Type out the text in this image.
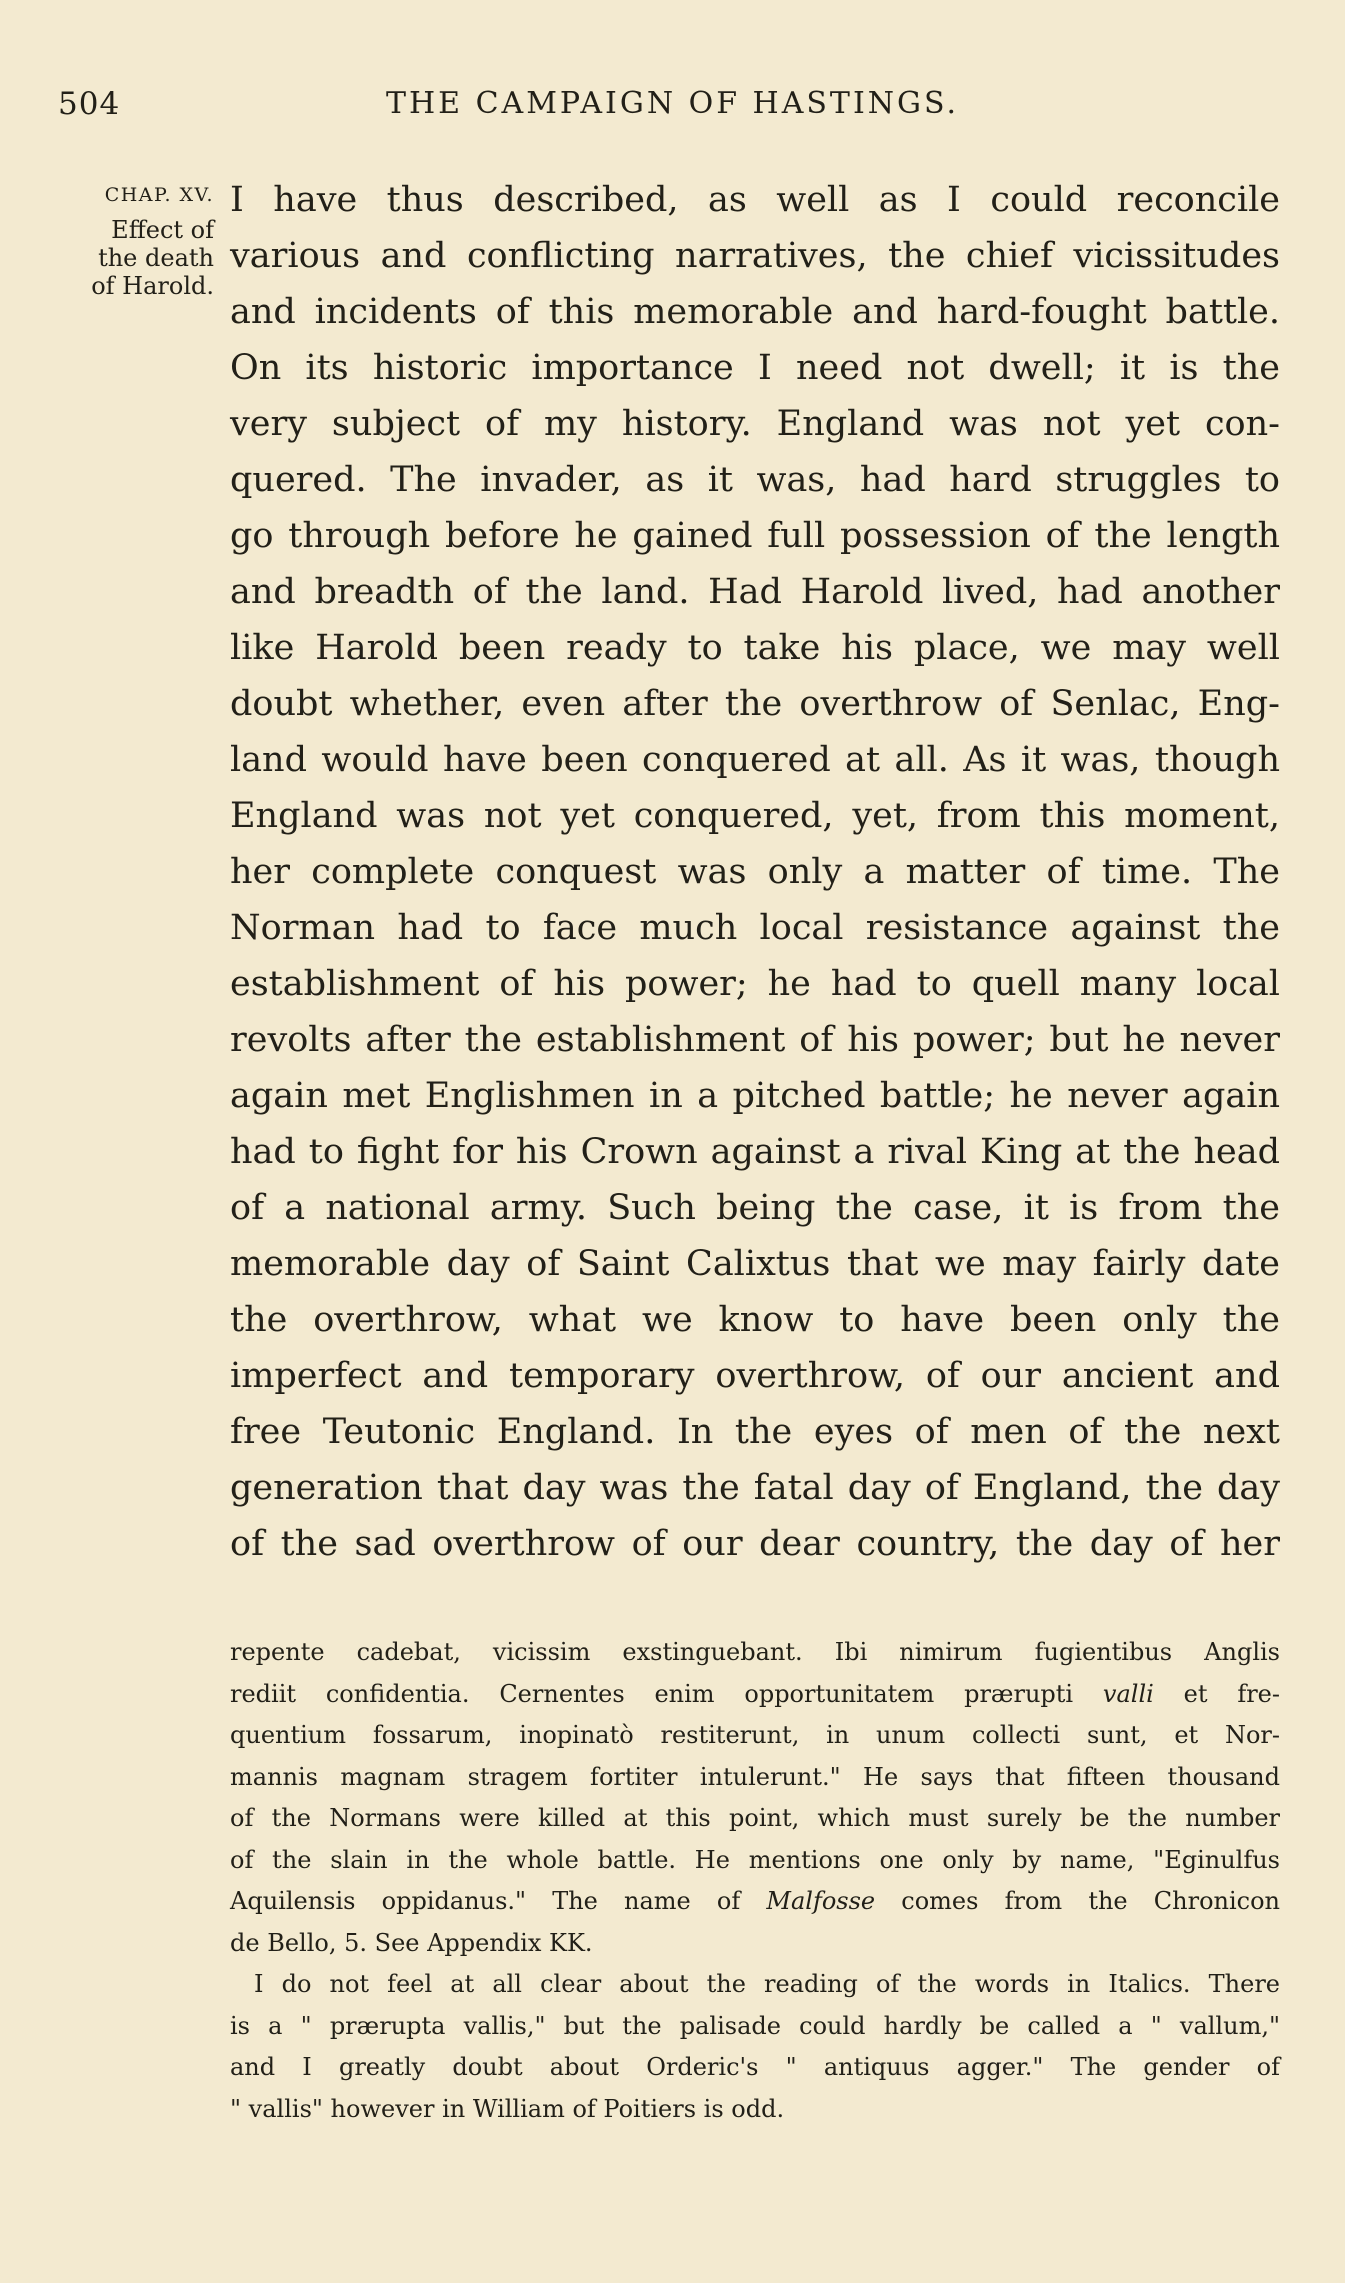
504	THE CAMPAIGN OF HASTINGS.
CHAP. XV.
Effect of
the death
of Harold.
I have thus described, as well as I could reconcile
various and conflicting narratives, the chief vicissitudes
and incidents of this memorable and hard-fought battle.
On its historic importance I need not dwell; it is the
very subject of my history. England was not yet con-
quered. The invader, as it was, had hard struggles to
go through before he gained full possession of the length
and breadth of the land. Had Harold lived, had another
like Harold been ready to take his place, we may well
doubt whether, even after the overthrow of Senlac, Eng-
land would have been conquered at all. As it was, though
England was not yet conquered, yet, from this moment,
her complete conquest was only a matter of time. The
Norman had to face much local resistance against the
establishment of his power; he had to quell many local
revolts after the establishment of his power; but he never
again met Englishmen in a pitched battle; he never again
had to fight for his Crown against a rival King at the head
of a national army. Such being the case, it is from the
memorable day of Saint Calixtus that we may fairly date
the overthrow, what we know to have been only the
imperfect and temporary overthrow, of our ancient and
free Teutonic England. In the eyes of men of the next
generation that day was the fatal day of England, the day
of the sad overthrow of our dear country, the day of her
repente cadebat, vicissim exstinguebant. Ibi nimirum fugientibus Anglis
rediit confidentia. Cernentes enim opportunitatem prærupti valli et fre-
quentium fossarum, inopinatò restiterunt, in unum collecti sunt, et Nor-
mannis magnam stragem fortiter intulerunt." He says that fifteen thousand
of the Normans were killed at this point, which must surely be the number
of the slain in the whole battle. He mentions one only by name, "Eginulfus
Aquilensis oppidanus." The name of Malfosse comes from the Chronicon
de Bello, 5. See Appendix KK.
I do not feel at all clear about the reading of the words in Italics. There
is a " prærupta vallis," but the palisade could hardly be called a " vallum,"
and I greatly doubt about Orderic's " antiquus agger." The gender of
" vallis" however in William of Poitiers is odd.
